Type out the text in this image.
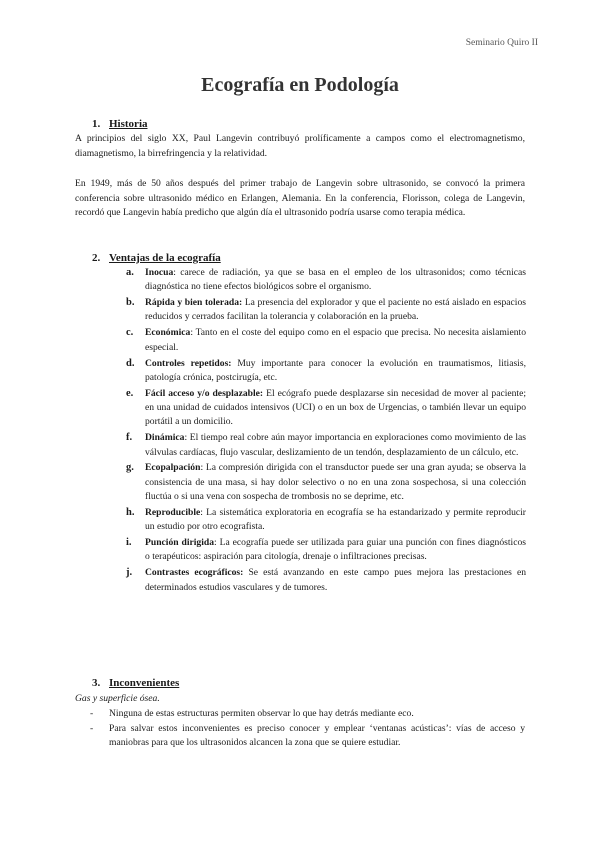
Seminario Quiro II
Ecografía en Podología
1. Historia
A principios del siglo XX, Paul Langevin contribuyó prolíficamente a campos como el electromagnetismo, diamagnetismo, la birrefringencia y la relatividad.
En 1949, más de 50 años después del primer trabajo de Langevin sobre ultrasonido, se convocó la primera conferencia sobre ultrasonido médico en Erlangen, Alemania. En la conferencia, Florisson, colega de Langevin, recordó que Langevin había predicho que algún día el ultrasonido podría usarse como terapia médica.
2. Ventajas de la ecografía
a. Inocua: carece de radiación, ya que se basa en el empleo de los ultrasonidos; como técnicas diagnóstica no tiene efectos biológicos sobre el organismo.
b. Rápida y bien tolerada: La presencia del explorador y que el paciente no está aislado en espacios reducidos y cerrados facilitan la tolerancia y colaboración en la prueba.
c. Económica: Tanto en el coste del equipo como en el espacio que precisa. No necesita aislamiento especial.
d. Controles repetidos: Muy importante para conocer la evolución en traumatismos, litiasis, patología crónica, postcirugía, etc.
e. Fácil acceso y/o desplazable: El ecógrafo puede desplazarse sin necesidad de mover al paciente; en una unidad de cuidados intensivos (UCI) o en un box de Urgencias, o también llevar un equipo portátil a un domicilio.
f. Dinámica: El tiempo real cobre aún mayor importancia en exploraciones como movimiento de las válvulas cardíacas, flujo vascular, deslizamiento de un tendón, desplazamiento de un cálculo, etc.
g. Ecopalpación: La compresión dirigida con el transductor puede ser una gran ayuda; se observa la consistencia de una masa, si hay dolor selectivo o no en una zona sospechosa, si una colección fluctúa o si una vena con sospecha de trombosis no se deprime, etc.
h. Reproducible: La sistemática exploratoria en ecografía se ha estandarizado y permite reproducir un estudio por otro ecografista.
i. Punción dirigida: La ecografía puede ser utilizada para guiar una punción con fines diagnósticos o terapéuticos: aspiración para citología, drenaje o infiltraciones precisas.
j. Contrastes ecográficos: Se está avanzando en este campo pues mejora las prestaciones en determinados estudios vasculares y de tumores.
3. Inconvenientes
Gas y superficie ósea.
-	Ninguna de estas estructuras permiten observar lo que hay detrás mediante eco.
-	Para salvar estos inconvenientes es preciso conocer y emplear ‘ventanas acústicas’: vías de acceso y maniobras para que los ultrasonidos alcancen la zona que se quiere estudiar.
